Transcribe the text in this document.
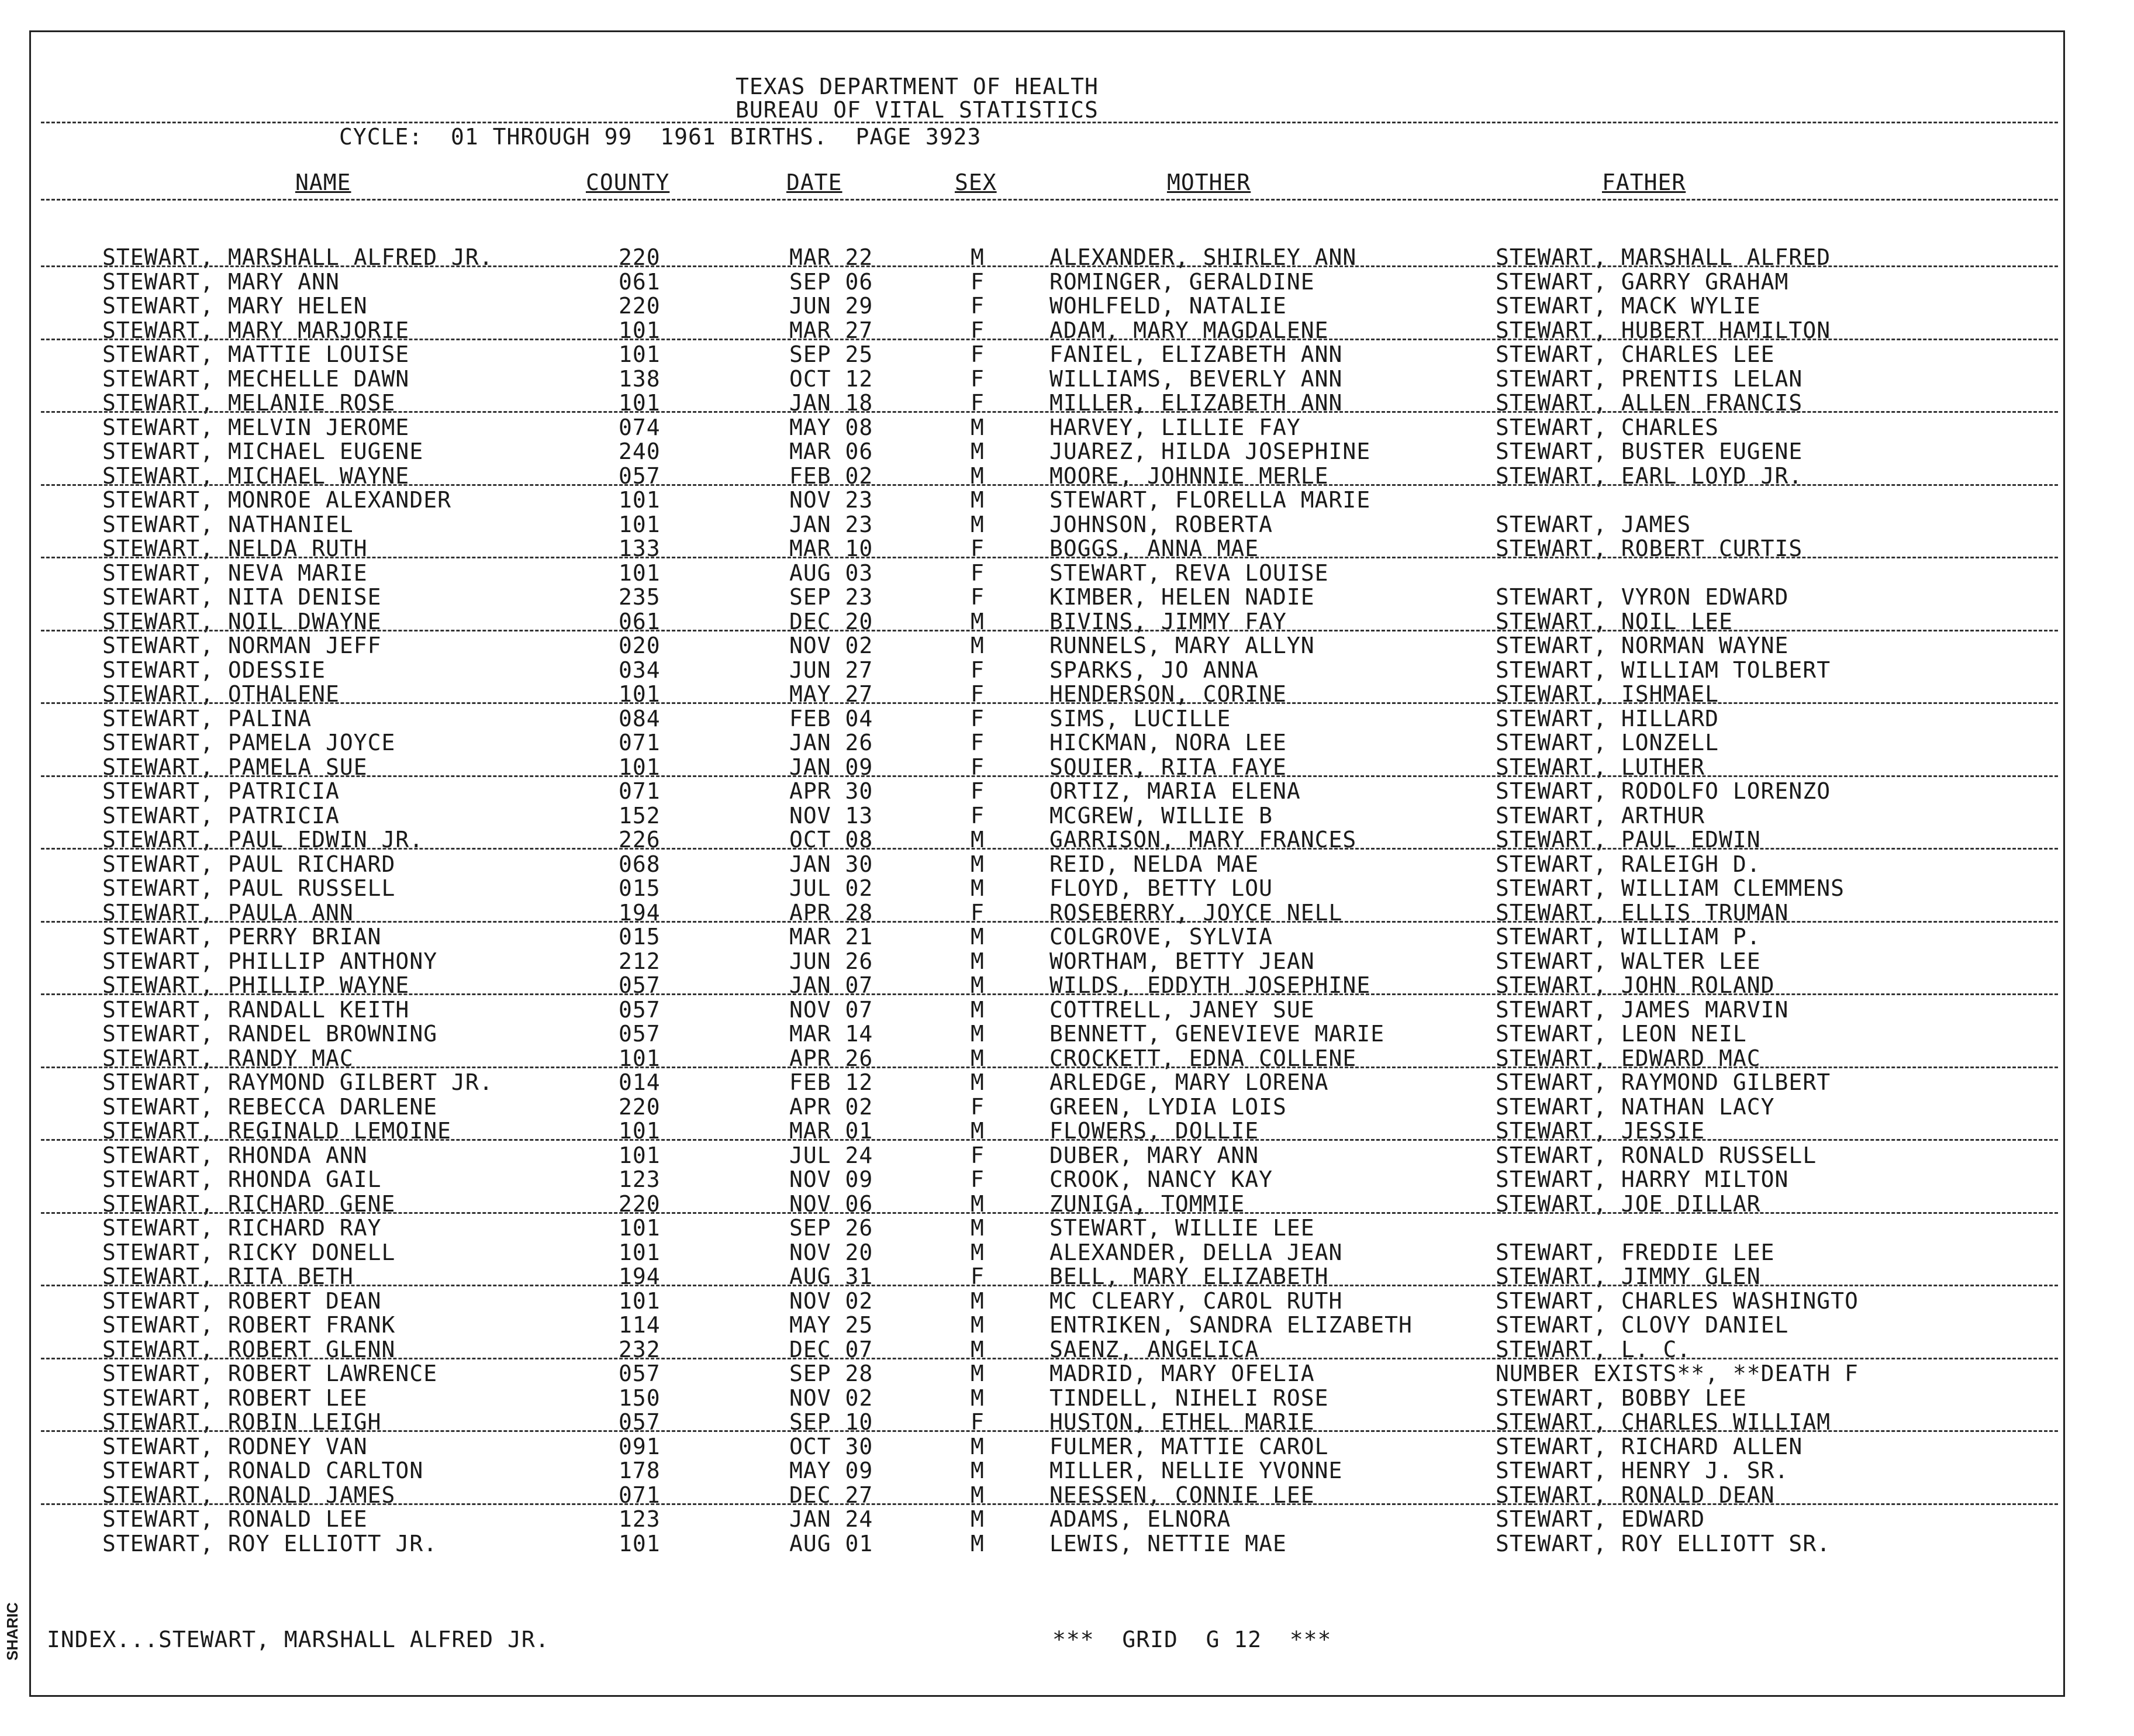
TEXAS DEPARTMENT OF HEALTH
BUREAU OF VITAL STATISTICS
CYCLE:  01 THROUGH 99  1961 BIRTHS.  PAGE 3923
NAME	COUNTY	DATE	SEX	MOTHER	FATHER
STEWART, MARSHALL ALFRED JR.	220	MAR 22	M	ALEXANDER, SHIRLEY ANN	STEWART, MARSHALL ALFRED
STEWART, MARY ANN	061	SEP 06	F	ROMINGER, GERALDINE	STEWART, GARRY GRAHAM
STEWART, MARY HELEN	220	JUN 29	F	WOHLFELD, NATALIE	STEWART, MACK WYLIE
STEWART, MARY MARJORIE	101	MAR 27	F	ADAM, MARY MAGDALENE	STEWART, HUBERT HAMILTON
STEWART, MATTIE LOUISE	101	SEP 25	F	FANIEL, ELIZABETH ANN	STEWART, CHARLES LEE
STEWART, MECHELLE DAWN	138	OCT 12	F	WILLIAMS, BEVERLY ANN	STEWART, PRENTIS LELAN
STEWART, MELANIE ROSE	101	JAN 18	F	MILLER, ELIZABETH ANN	STEWART, ALLEN FRANCIS
STEWART, MELVIN JEROME	074	MAY 08	M	HARVEY, LILLIE FAY	STEWART, CHARLES
STEWART, MICHAEL EUGENE	240	MAR 06	M	JUAREZ, HILDA JOSEPHINE	STEWART, BUSTER EUGENE
STEWART, MICHAEL WAYNE	057	FEB 02	M	MOORE, JOHNNIE MERLE	STEWART, EARL LOYD JR.
STEWART, MONROE ALEXANDER	101	NOV 23	M	STEWART, FLORELLA MARIE
STEWART, NATHANIEL	101	JAN 23	M	JOHNSON, ROBERTA	STEWART, JAMES
STEWART, NELDA RUTH	133	MAR 10	F	BOGGS, ANNA MAE	STEWART, ROBERT CURTIS
STEWART, NEVA MARIE	101	AUG 03	F	STEWART, REVA LOUISE
STEWART, NITA DENISE	235	SEP 23	F	KIMBER, HELEN NADIE	STEWART, VYRON EDWARD
STEWART, NOIL DWAYNE	061	DEC 20	M	BIVINS, JIMMY FAY	STEWART, NOIL LEE
STEWART, NORMAN JEFF	020	NOV 02	M	RUNNELS, MARY ALLYN	STEWART, NORMAN WAYNE
STEWART, ODESSIE	034	JUN 27	F	SPARKS, JO ANNA	STEWART, WILLIAM TOLBERT
STEWART, OTHALENE	101	MAY 27	F	HENDERSON, CORINE	STEWART, ISHMAEL
STEWART, PALINA	084	FEB 04	F	SIMS, LUCILLE	STEWART, HILLARD
STEWART, PAMELA JOYCE	071	JAN 26	F	HICKMAN, NORA LEE	STEWART, LONZELL
STEWART, PAMELA SUE	101	JAN 09	F	SQUIER, RITA FAYE	STEWART, LUTHER
STEWART, PATRICIA	071	APR 30	F	ORTIZ, MARIA ELENA	STEWART, RODOLFO LORENZO
STEWART, PATRICIA	152	NOV 13	F	MCGREW, WILLIE B	STEWART, ARTHUR
STEWART, PAUL EDWIN JR.	226	OCT 08	M	GARRISON, MARY FRANCES	STEWART, PAUL EDWIN
STEWART, PAUL RICHARD	068	JAN 30	M	REID, NELDA MAE	STEWART, RALEIGH D.
STEWART, PAUL RUSSELL	015	JUL 02	M	FLOYD, BETTY LOU	STEWART, WILLIAM CLEMMENS
STEWART, PAULA ANN	194	APR 28	F	ROSEBERRY, JOYCE NELL	STEWART, ELLIS TRUMAN
STEWART, PERRY BRIAN	015	MAR 21	M	COLGROVE, SYLVIA	STEWART, WILLIAM P.
STEWART, PHILLIP ANTHONY	212	JUN 26	M	WORTHAM, BETTY JEAN	STEWART, WALTER LEE
STEWART, PHILLIP WAYNE	057	JAN 07	M	WILDS, EDDYTH JOSEPHINE	STEWART, JOHN ROLAND
STEWART, RANDALL KEITH	057	NOV 07	M	COTTRELL, JANEY SUE	STEWART, JAMES MARVIN
STEWART, RANDEL BROWNING	057	MAR 14	M	BENNETT, GENEVIEVE MARIE	STEWART, LEON NEIL
STEWART, RANDY MAC	101	APR 26	M	CROCKETT, EDNA COLLENE	STEWART, EDWARD MAC
STEWART, RAYMOND GILBERT JR.	014	FEB 12	M	ARLEDGE, MARY LORENA	STEWART, RAYMOND GILBERT
STEWART, REBECCA DARLENE	220	APR 02	F	GREEN, LYDIA LOIS	STEWART, NATHAN LACY
STEWART, REGINALD LEMOINE	101	MAR 01	M	FLOWERS, DOLLIE	STEWART, JESSIE
STEWART, RHONDA ANN	101	JUL 24	F	DUBER, MARY ANN	STEWART, RONALD RUSSELL
STEWART, RHONDA GAIL	123	NOV 09	F	CROOK, NANCY KAY	STEWART, HARRY MILTON
STEWART, RICHARD GENE	220	NOV 06	M	ZUNIGA, TOMMIE	STEWART, JOE DILLAR
STEWART, RICHARD RAY	101	SEP 26	M	STEWART, WILLIE LEE
STEWART, RICKY DONELL	101	NOV 20	M	ALEXANDER, DELLA JEAN	STEWART, FREDDIE LEE
STEWART, RITA BETH	194	AUG 31	F	BELL, MARY ELIZABETH	STEWART, JIMMY GLEN
STEWART, ROBERT DEAN	101	NOV 02	M	MC CLEARY, CAROL RUTH	STEWART, CHARLES WASHINGTO
STEWART, ROBERT FRANK	114	MAY 25	M	ENTRIKEN, SANDRA ELIZABETH	STEWART, CLOVY DANIEL
STEWART, ROBERT GLENN	232	DEC 07	M	SAENZ, ANGELICA	STEWART, L. C.
STEWART, ROBERT LAWRENCE	057	SEP 28	M	MADRID, MARY OFELIA	NUMBER EXISTS**, **DEATH F
STEWART, ROBERT LEE	150	NOV 02	M	TINDELL, NIHELI ROSE	STEWART, BOBBY LEE
STEWART, ROBIN LEIGH	057	SEP 10	F	HUSTON, ETHEL MARIE	STEWART, CHARLES WILLIAM
STEWART, RODNEY VAN	091	OCT 30	M	FULMER, MATTIE CAROL	STEWART, RICHARD ALLEN
STEWART, RONALD CARLTON	178	MAY 09	M	MILLER, NELLIE YVONNE	STEWART, HENRY J. SR.
STEWART, RONALD JAMES	071	DEC 27	M	NEESSEN, CONNIE LEE	STEWART, RONALD DEAN
STEWART, RONALD LEE	123	JAN 24	M	ADAMS, ELNORA	STEWART, EDWARD
STEWART, ROY ELLIOTT JR.	101	AUG 01	M	LEWIS, NETTIE MAE	STEWART, ROY ELLIOTT SR.
INDEX...STEWART, MARSHALL ALFRED JR.	***  GRID  G 12  ***
SHARIC
